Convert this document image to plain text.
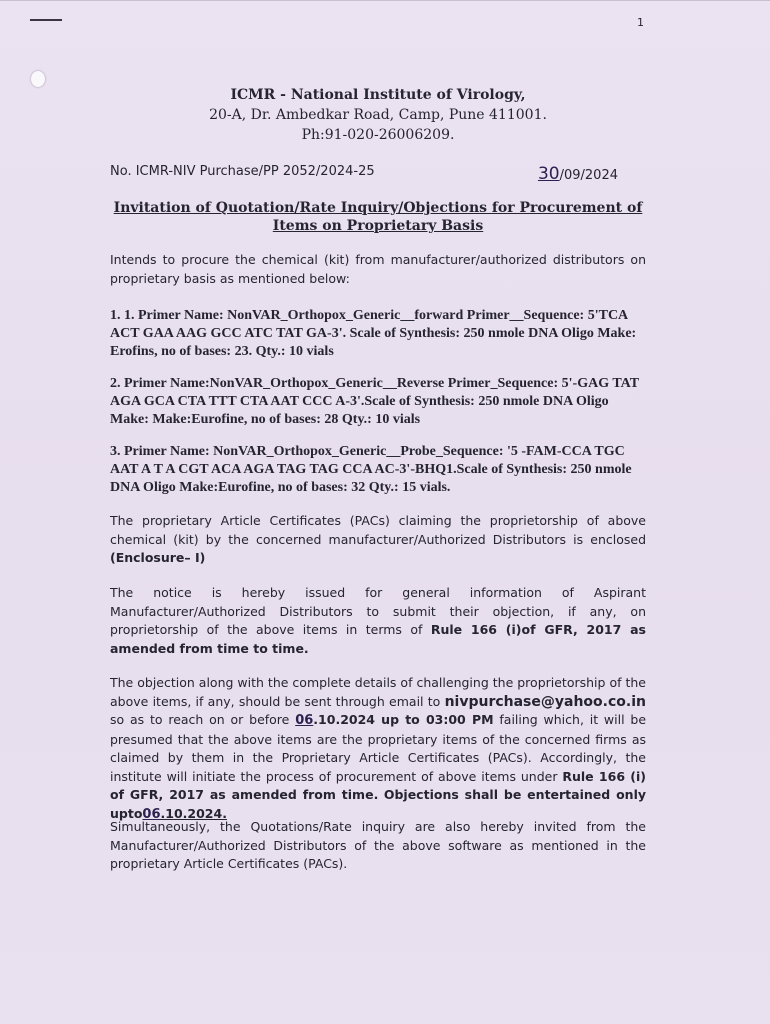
1
ICMR - National Institute of Virology,
20-A, Dr. Ambedkar Road, Camp, Pune 411001.
Ph:91-020-26006209.
No. ICMR-NIV Purchase/PP 2052/2024-25	30/09/2024
Invitation of Quotation/Rate Inquiry/Objections for Procurement of Items on Proprietary Basis
Intends to procure the chemical (kit) from manufacturer/authorized distributors on proprietary basis as mentioned below:
1. 1. Primer Name: NonVAR_Orthopox_Generic__forward Primer__Sequence: 5'TCA ACT GAA AAG GCC ATC TAT GA-3'. Scale of Synthesis: 250 nmole DNA Oligo Make: Erofins, no of bases: 23. Qty.: 10 vials
2. Primer Name:NonVAR_Orthopox_Generic__Reverse Primer_Sequence: 5'-GAG TAT AGA GCA CTA TTT CTA AAT CCC A-3'.Scale of Synthesis: 250 nmole DNA Oligo Make: Make:Eurofine, no of bases: 28 Qty.: 10 vials
3. Primer Name: NonVAR_Orthopox_Generic__Probe_Sequence: '5 -FAM-CCA TGC AAT A T A CGT ACA AGA TAG TAG CCA AC-3'-BHQ1.Scale of Synthesis: 250 nmole DNA Oligo Make:Eurofine, no of bases: 32 Qty.: 15 vials.
The proprietary Article Certificates (PACs) claiming the proprietorship of above chemical (kit) by the concerned manufacturer/Authorized Distributors is enclosed (Enclosure– I)
The notice is hereby issued for general information of Aspirant Manufacturer/Authorized Distributors to submit their objection, if any, on proprietorship of the above items in terms of Rule 166 (i)of GFR, 2017 as amended from time to time.
The objection along with the complete details of challenging the proprietorship of the above items, if any, should be sent through email to nivpurchase@yahoo.co.in so as to reach on or before 06.10.2024 up to 03:00 PM failing which, it will be presumed that the above items are the proprietary items of the concerned firms as claimed by them in the Proprietary Article Certificates (PACs). Accordingly, the institute will initiate the process of procurement of above items under Rule 166 (i) of GFR, 2017 as amended from time. Objections shall be entertained only upto06.10.2024.
Simultaneously, the Quotations/Rate inquiry are also hereby invited from the Manufacturer/Authorized Distributors of the above software as mentioned in the proprietary Article Certificates (PACs).
